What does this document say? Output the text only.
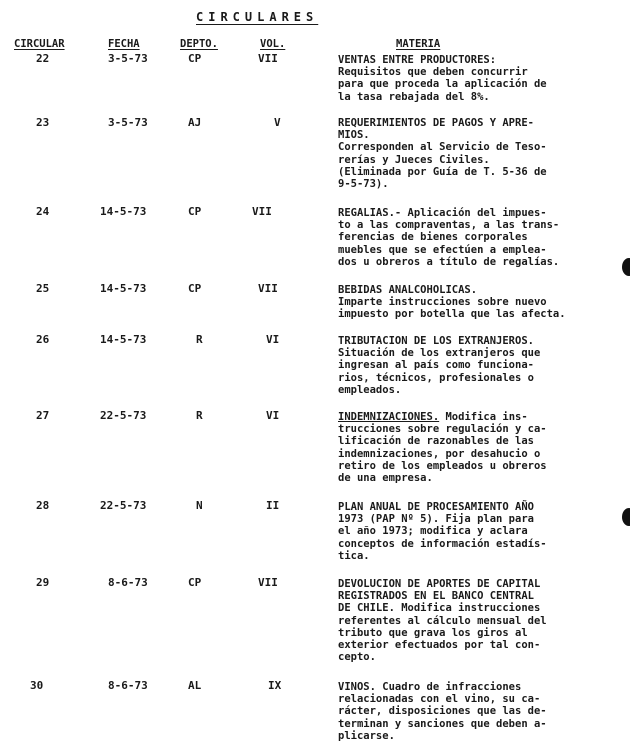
CIRCULARES
CIRCULAR	FECHA	DEPTO.	VOL.	MATERIA
22	3-5-73	CP	VII	VENTAS ENTRE PRODUCTORES:
Requisitos que deben concurrir
para que proceda la aplicación de
la tasa rebajada del 8%.
23	3-5-73	AJ	V	REQUERIMIENTOS DE PAGOS Y APRE-
MIOS.
Corresponden al Servicio de Teso-
rerías y Jueces Civiles.
(Eliminada por Guía de T. 5-36 de
9-5-73).
24	14-5-73	CP	VII	REGALIAS.- Aplicación del impues-
to a las compraventas, a las trans-
ferencias de bienes corporales
muebles que se efectúen a emplea-
dos u obreros a título de regalías.
25	14-5-73	CP	VII	BEBIDAS ANALCOHOLICAS.
Imparte instrucciones sobre nuevo
impuesto por botella que las afecta.
26	14-5-73	R	VI	TRIBUTACION DE LOS EXTRANJEROS.
Situación de los extranjeros que
ingresan al país como funciona-
rios, técnicos, profesionales o
empleados.
27	22-5-73	R	VI	INDEMNIZACIONES. Modifica ins-
trucciones sobre regulación y ca-
lificación de razonables de las
indemnizaciones, por desahucio o
retiro de los empleados u obreros
de una empresa.
28	22-5-73	N	II	PLAN ANUAL DE PROCESAMIENTO AÑO
1973 (PAP Nº 5). Fija plan para
el año 1973; modifica y aclara
conceptos de información estadís-
tica.
29	8-6-73	CP	VII	DEVOLUCION DE APORTES DE CAPITAL
REGISTRADOS EN EL BANCO CENTRAL
DE CHILE. Modifica instrucciones
referentes al cálculo mensual del
tributo que grava los giros al
exterior efectuados por tal con-
cepto.
30	8-6-73	AL	IX	VINOS. Cuadro de infracciones
relacionadas con el vino, su ca-
rácter, disposiciones que las de-
terminan y sanciones que deben a-
plicarse.
